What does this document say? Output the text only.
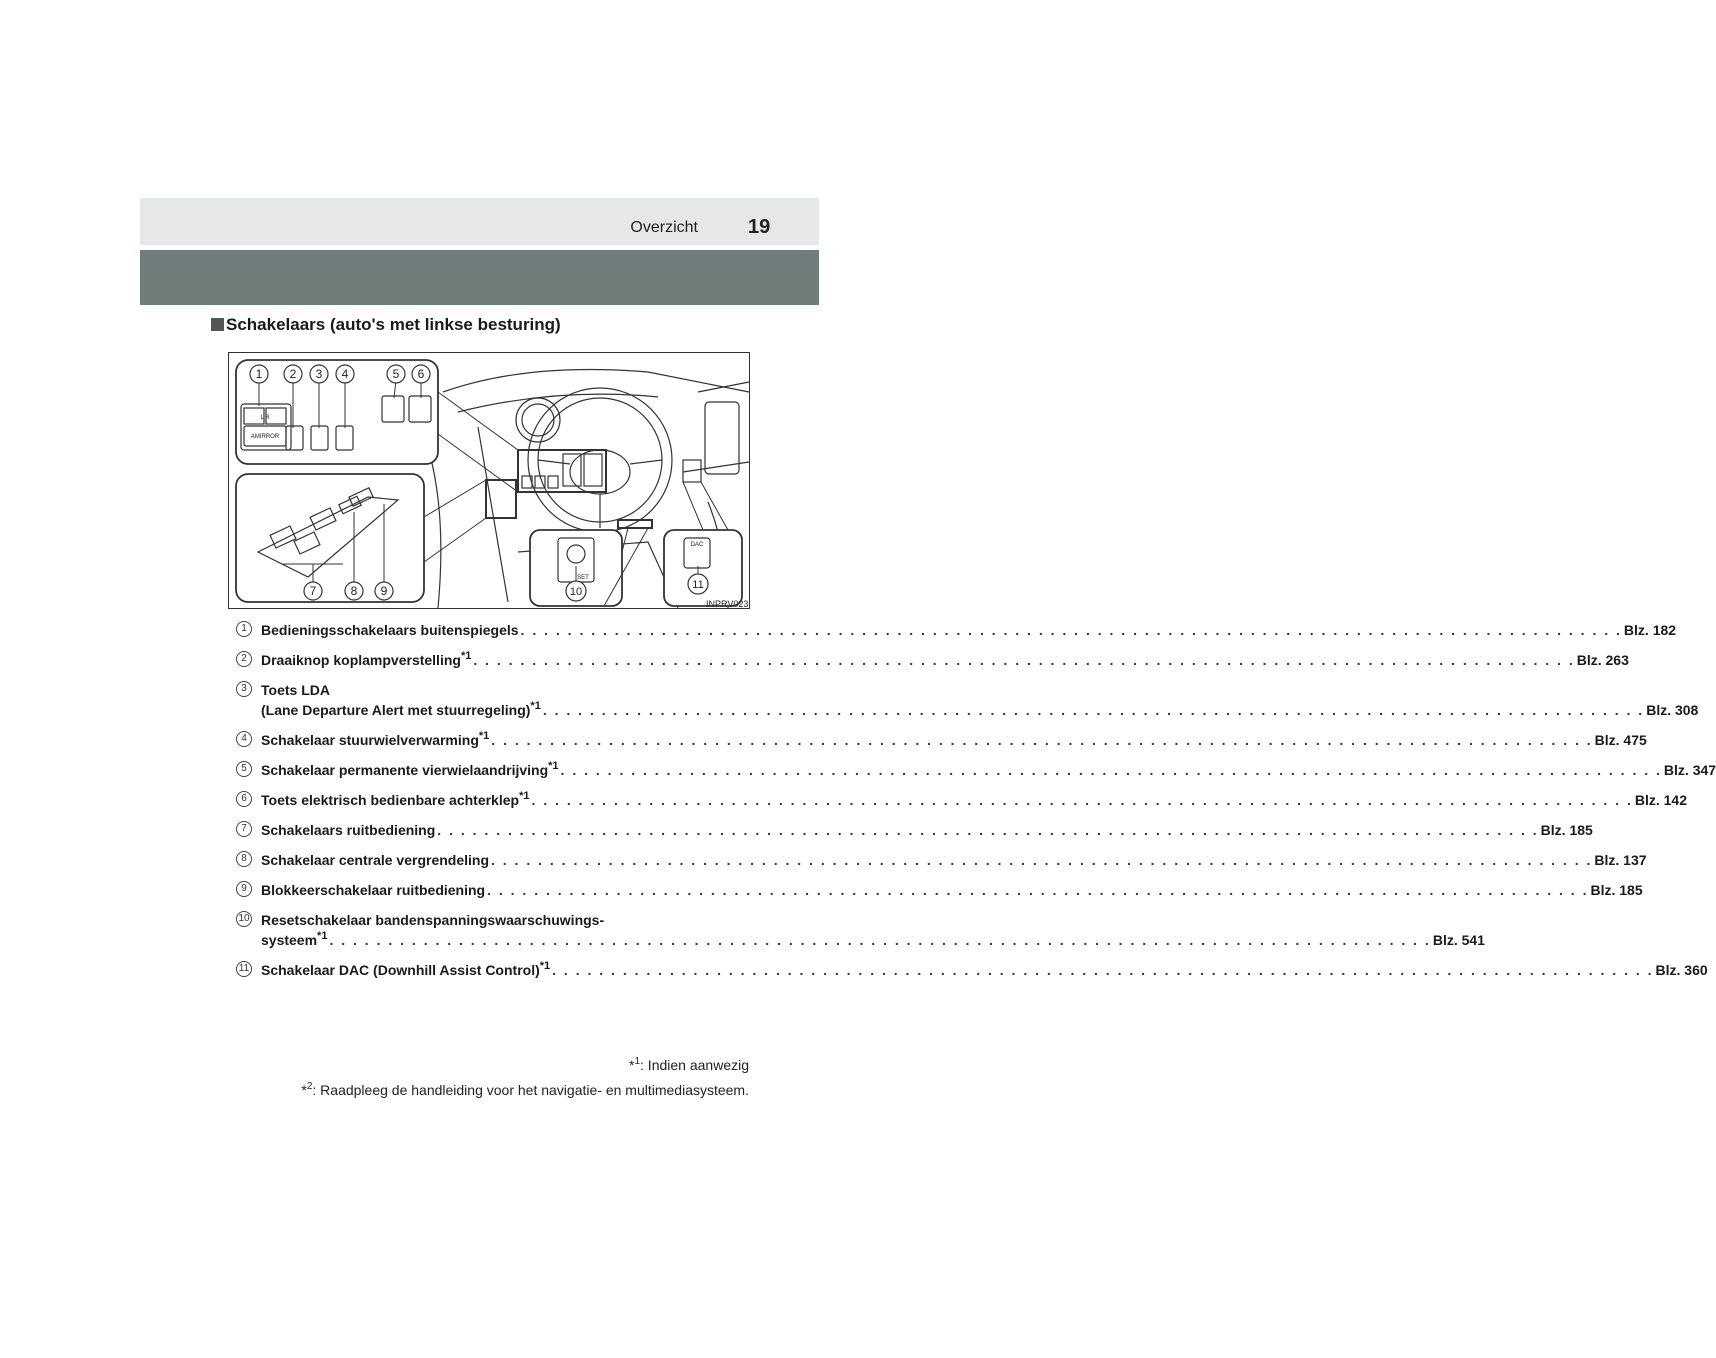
Overzicht	19
Schakelaars (auto's met linkse besturing)
1 2 3 4	5 6
7	8 9	10
11
L R
AMIRROR
SET
DAC
INPRV023
1	Bedieningsschakelaars buitenspiegels . . .	Blz. 182
2	Draaiknop koplampverstelling$^{*1}$ . . .	Blz. 263
3	Toets LDA
(Lane Departure Alert met stuurregeling)$^{*1}$ . . .	Blz. 308
4	Schakelaar stuurwielverwarming$^{*1}$ . . .	Blz. 475
5	Schakelaar permanente vierwielaandrijving$^{*1}$ . . .	Blz. 347
6	Toets elektrisch bedienbare achterklep$^{*1}$ . . .	Blz. 142
7	Schakelaars ruitbediening . . .	Blz. 185
8	Schakelaar centrale vergrendeling . . .	Blz. 137
9	Blokkeerschakelaar ruitbediening . . .	Blz. 185
10 Resetschakelaar bandenspanningswaarschuwings-
systeem$^{*1}$ . . .	Blz. 541
11 Schakelaar DAC (Downhill Assist Control)$^{*1}$ . . .	Blz. 360
*$^1$: Indien aanwezig
*$^2$: Raadpleeg de handleiding voor het navigatie- en multimediasysteem.
